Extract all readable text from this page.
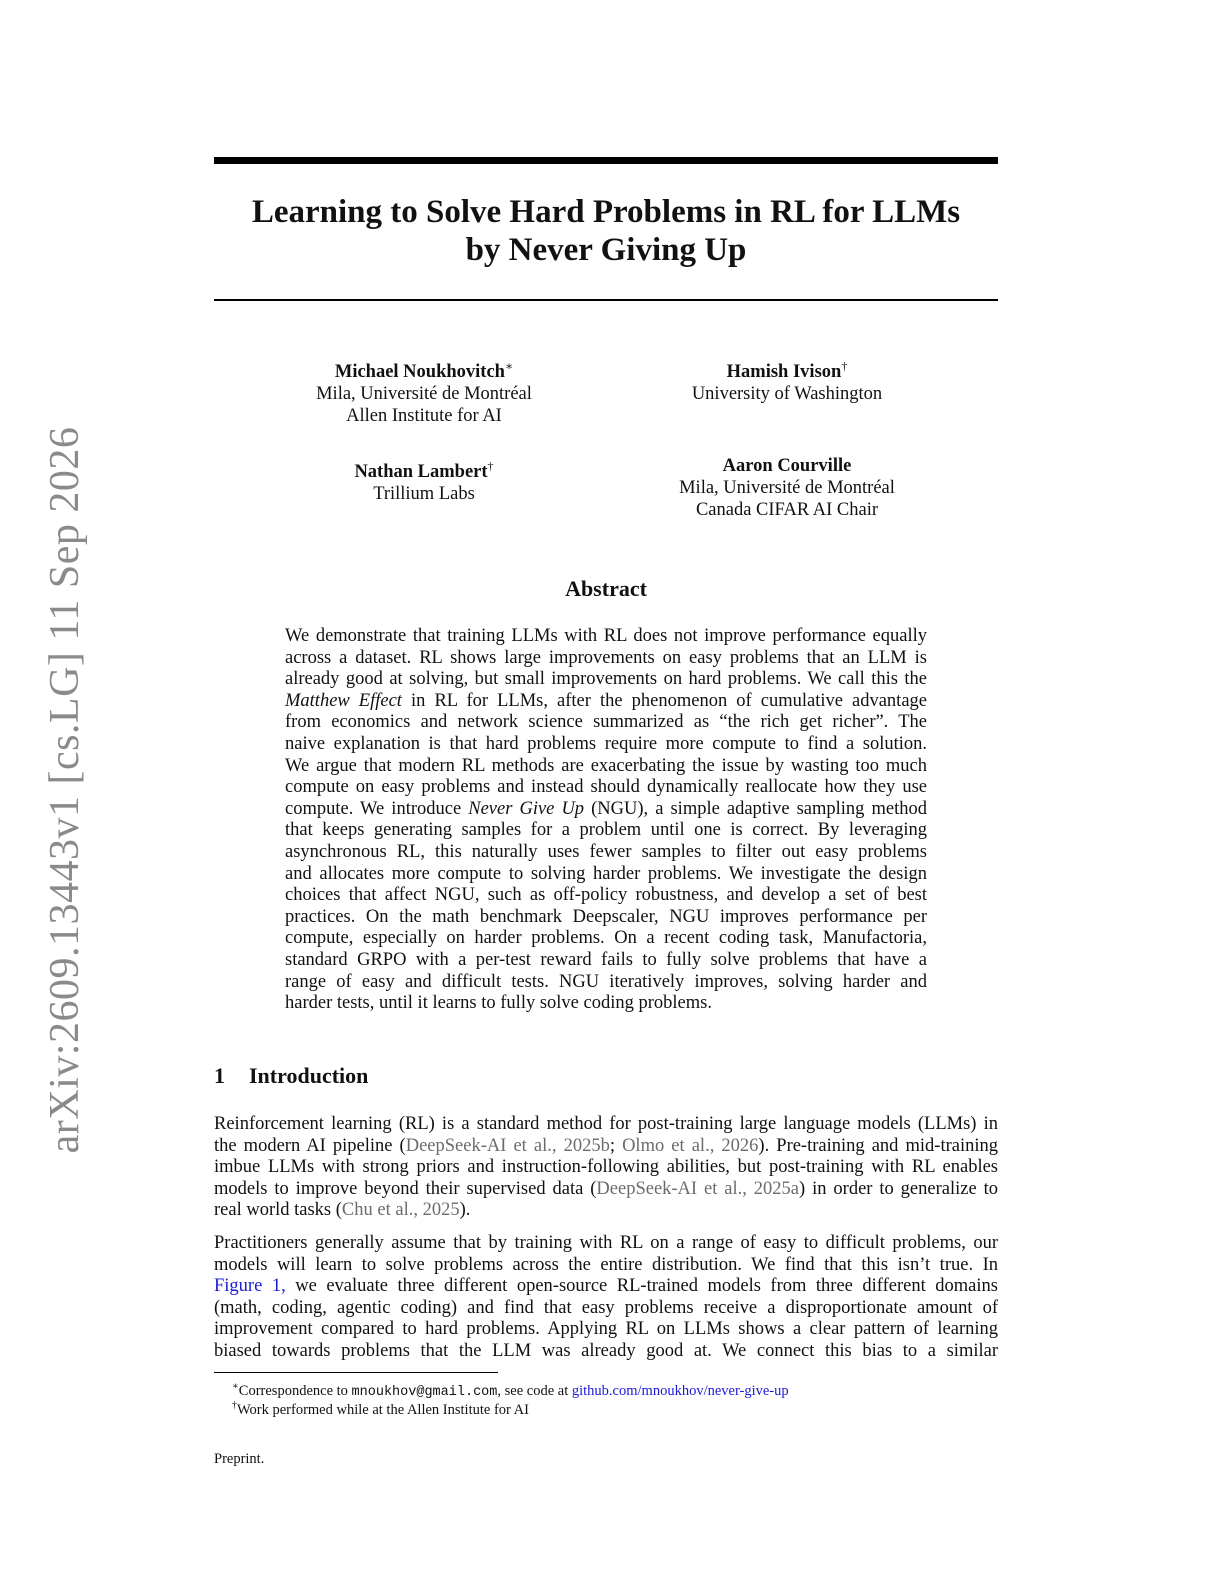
arXiv:2609.13443v1 [cs.LG] 11 Sep 2026
Learning to Solve Hard Problems in RL for LLMs
by Never Giving Up
Michael Noukhovitch∗
Mila, Université de Montréal
Allen Institute for AI
Hamish Ivison†
University of Washington
Nathan Lambert†
Trillium Labs
Aaron Courville
Mila, Université de Montréal
Canada CIFAR AI Chair
Abstract
We demonstrate that training LLMs with RL does not improve performance equally
across a dataset. RL shows large improvements on easy problems that an LLM is
already good at solving, but small improvements on hard problems. We call this the
Matthew Effect in RL for LLMs, after the phenomenon of cumulative advantage
from economics and network science summarized as “the rich get richer”. The
naive explanation is that hard problems require more compute to find a solution.
We argue that modern RL methods are exacerbating the issue by wasting too much
compute on easy problems and instead should dynamically reallocate how they use
compute. We introduce Never Give Up (NGU), a simple adaptive sampling method
that keeps generating samples for a problem until one is correct. By leveraging
asynchronous RL, this naturally uses fewer samples to filter out easy problems
and allocates more compute to solving harder problems. We investigate the design
choices that affect NGU, such as off-policy robustness, and develop a set of best
practices. On the math benchmark Deepscaler, NGU improves performance per
compute, especially on harder problems. On a recent coding task, Manufactoria,
standard GRPO with a per-test reward fails to fully solve problems that have a
range of easy and difficult tests. NGU iteratively improves, solving harder and
harder tests, until it learns to fully solve coding problems.
1 Introduction
Reinforcement learning (RL) is a standard method for post-training large language models (LLMs) in
the modern AI pipeline (DeepSeek-AI et al., 2025b; Olmo et al., 2026). Pre-training and mid-training
imbue LLMs with strong priors and instruction-following abilities, but post-training with RL enables
models to improve beyond their supervised data (DeepSeek-AI et al., 2025a) in order to generalize to
real world tasks (Chu et al., 2025).
Practitioners generally assume that by training with RL on a range of easy to difficult problems, our
models will learn to solve problems across the entire distribution. We find that this isn’t true. In
Figure 1, we evaluate three different open-source RL-trained models from three different domains
(math, coding, agentic coding) and find that easy problems receive a disproportionate amount of
improvement compared to hard problems. Applying RL on LLMs shows a clear pattern of learning
biased towards problems that the LLM was already good at. We connect this bias to a similar
∗Correspondence to mnoukhov@gmail.com, see code at github.com/mnoukhov/never-give-up
†Work performed while at the Allen Institute for AI
Preprint.
